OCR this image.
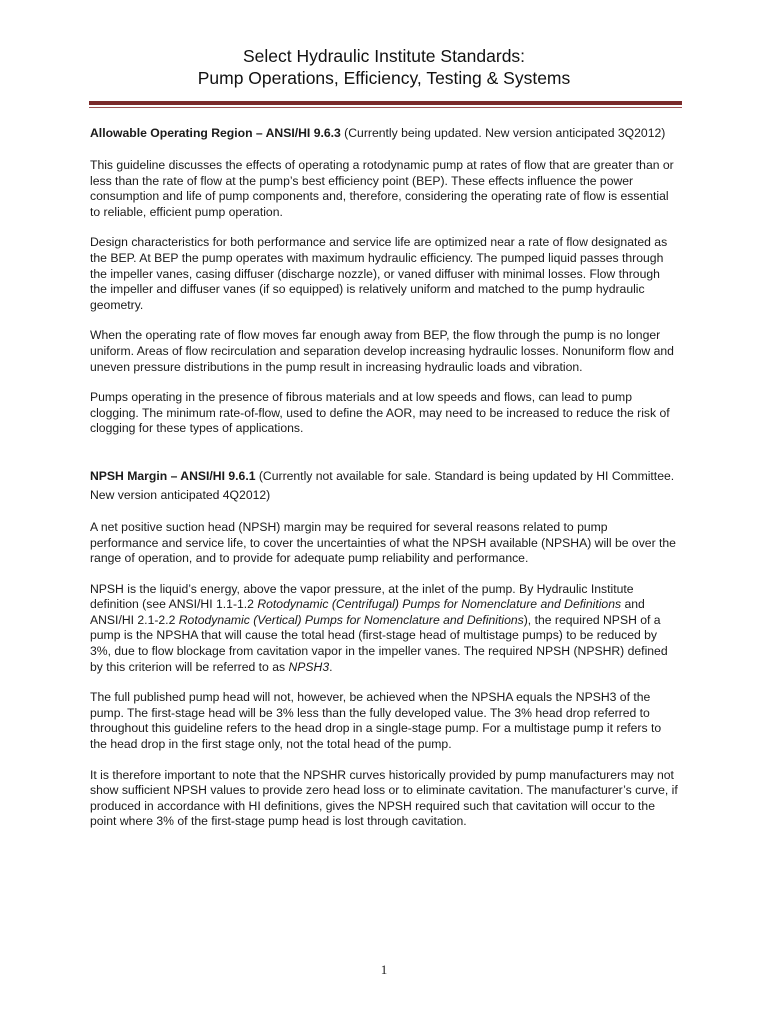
Select Hydraulic Institute Standards:
Pump Operations, Efficiency, Testing & Systems

Allowable Operating Region – ANSI/HI 9.6.3 (Currently being updated. New version anticipated 3Q2012)

This guideline discusses the effects of operating a rotodynamic pump at rates of flow that are greater than or less than the rate of flow at the pump’s best efficiency point (BEP). These effects influence the power consumption and life of pump components and, therefore, considering the operating rate of flow is essential to reliable, efficient pump operation.

Design characteristics for both performance and service life are optimized near a rate of flow designated as the BEP. At BEP the pump operates with maximum hydraulic efficiency. The pumped liquid passes through the impeller vanes, casing diffuser (discharge nozzle), or vaned diffuser with minimal losses. Flow through the impeller and diffuser vanes (if so equipped) is relatively uniform and matched to the pump hydraulic geometry.

When the operating rate of flow moves far enough away from BEP, the flow through the pump is no longer uniform. Areas of flow recirculation and separation develop increasing hydraulic losses. Nonuniform flow and uneven pressure distributions in the pump result in increasing hydraulic loads and vibration.

Pumps operating in the presence of fibrous materials and at low speeds and flows, can lead to pump clogging. The minimum rate-of-flow, used to define the AOR, may need to be increased to reduce the risk of clogging for these types of applications.

NPSH Margin – ANSI/HI 9.6.1 (Currently not available for sale. Standard is being updated by HI Committee. New version anticipated 4Q2012)

A net positive suction head (NPSH) margin may be required for several reasons related to pump performance and service life, to cover the uncertainties of what the NPSH available (NPSHA) will be over the range of operation, and to provide for adequate pump reliability and performance.

NPSH is the liquid’s energy, above the vapor pressure, at the inlet of the pump. By Hydraulic Institute definition (see ANSI/HI 1.1-1.2 Rotodynamic (Centrifugal) Pumps for Nomenclature and Definitions and ANSI/HI 2.1-2.2 Rotodynamic (Vertical) Pumps for Nomenclature and Definitions), the required NPSH of a pump is the NPSHA that will cause the total head (first-stage head of multistage pumps) to be reduced by 3%, due to flow blockage from cavitation vapor in the impeller vanes. The required NPSH (NPSHR) defined by this criterion will be referred to as NPSH3.

The full published pump head will not, however, be achieved when the NPSHA equals the NPSH3 of the pump. The first-stage head will be 3% less than the fully developed value. The 3% head drop referred to throughout this guideline refers to the head drop in a single-stage pump. For a multistage pump it refers to the head drop in the first stage only, not the total head of the pump.

It is therefore important to note that the NPSHR curves historically provided by pump manufacturers may not show sufficient NPSH values to provide zero head loss or to eliminate cavitation. The manufacturer’s curve, if produced in accordance with HI definitions, gives the NPSH required such that cavitation will occur to the point where 3% of the first-stage pump head is lost through cavitation.

1
